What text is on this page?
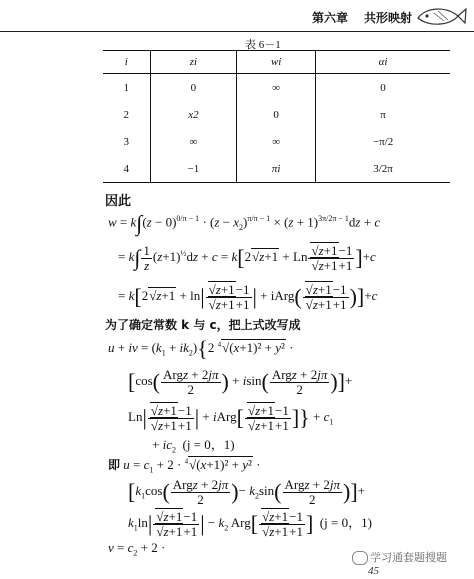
第六章 共形映射
表 6－1
i	zi	wi	αi
1	0	∞	0
2	x2	0	π
3	∞	∞	−π/2
4	−1	πi	3/2π
因此
$w = k\int(z - 0)^{0/\pi - 1} \cdot (z - x_2)^{\pi/\pi - 1} \times (z + 1)^{3\pi/2\pi - 1}dz + c$
= $k\int \frac{1}{z} (z+1)^{\frac{1}{2}}dz + c = k[2√z+1 + Ln \frac{√z+1-1}{√z+1+1} ]+c$
= $k[2√z+1 + \ln| \frac{√z+1-1}{√z+1+1}$ | + iArg( $\frac{√z+1-1}{√z+1+1} )]+c$
为了确定常数 k 与 c，把上式改写成
u + iv = $(k_1 + ik_2)\{2$ $^4$√(x+1)² + y² ·
[$\cos( \frac{\text{Argz + 2jπ}}{2}$ ) + $isin( \frac{\text{Argz + 2jπ}}{2}$ )]+
$Ln| \frac{√z+1-1}{√z+1+1}$ | + iArg[ $\frac{√z+1-1}{√z+1+1}$ ]} + $c_1$
+ $ic_2$ (j = 0，1)
即 $u = c_1 + 2 \cdot ^4√(x+1)^2 + y^2$ ·
[$k_1\cos( \frac{\text{Argz + 2jπ}}{2}$ )− $k_2\sin( \frac{\text{Argz + 2jπ}}{2}$ )]+
$k_1\ln| \frac{√z+1-1}{√z+1+1}$ | − $k_2$ $Arg[ \frac{√z+1-1}{√z+1+1}$ ] (j = 0，1)
$v = c_2 + 2$ ·
学习通套题搜题
45
